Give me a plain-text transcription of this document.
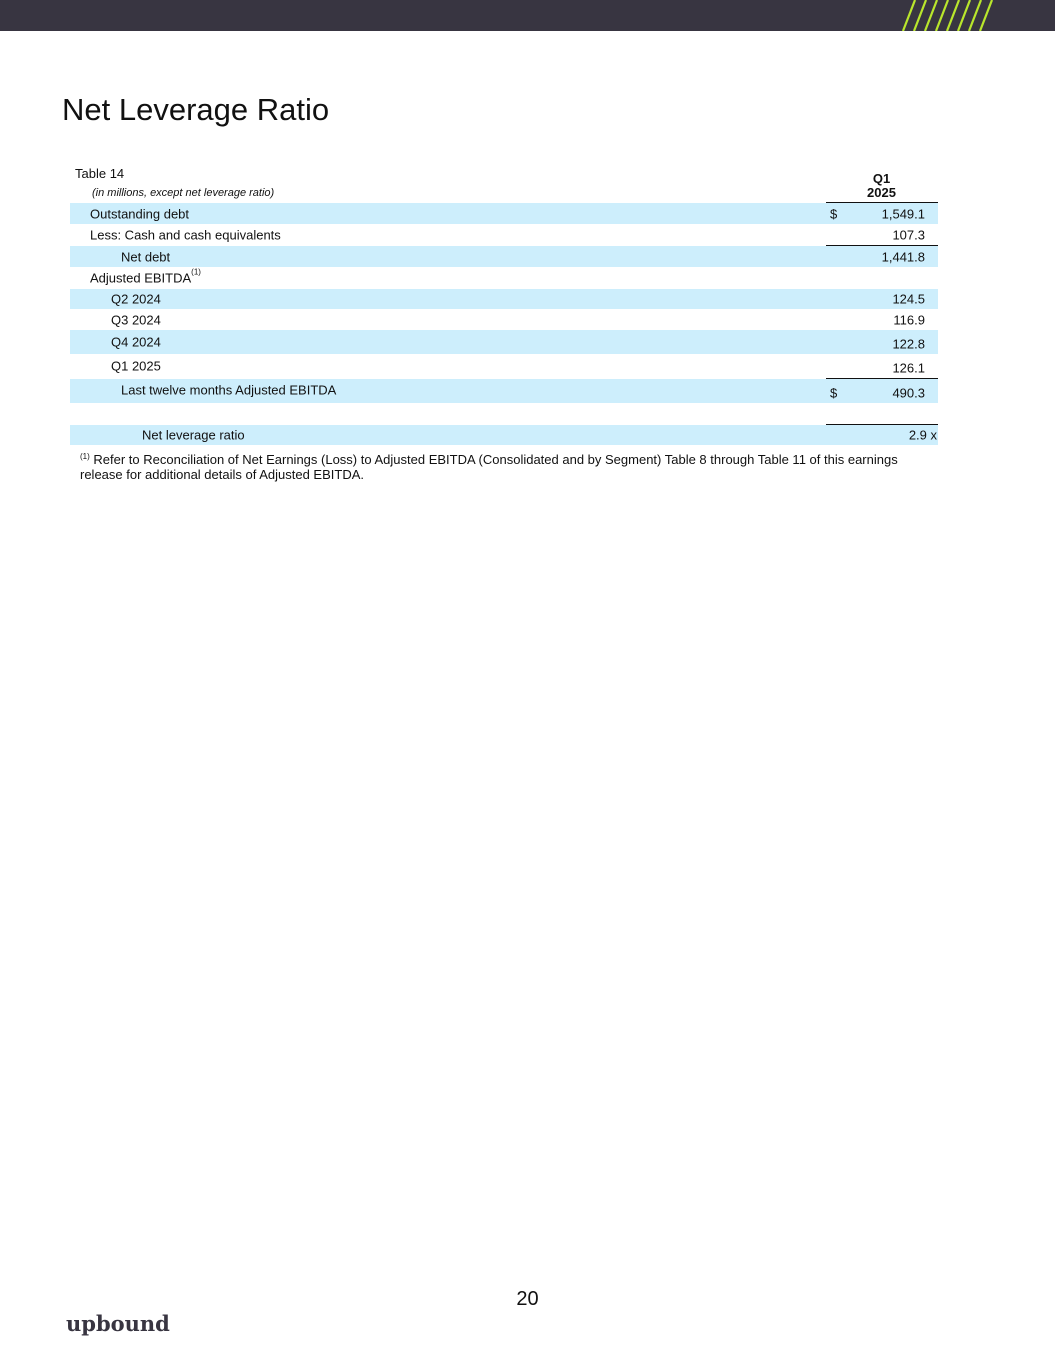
Net Leverage Ratio
Table 14
(in millions, except net leverage ratio)
Q1
2025
Outstanding debt	$	1,549.1
Less: Cash and cash equivalents	107.3
Net debt	1,441.8
Adjusted EBITDA$^{(1)}$
Q2 2024	124.5
Q3 2024	116.9
Q4 2024	122.8
Q1 2025	126.1
Last twelve months Adjusted EBITDA	$	490.3
Net leverage ratio	2.9 x
$^{(1)}$ Refer to Reconciliation of Net Earnings (Loss) to Adjusted EBITDA (Consolidated and by Segment) Table 8 through Table 11 of this earnings release for additional details of Adjusted EBITDA.
20
upbound
